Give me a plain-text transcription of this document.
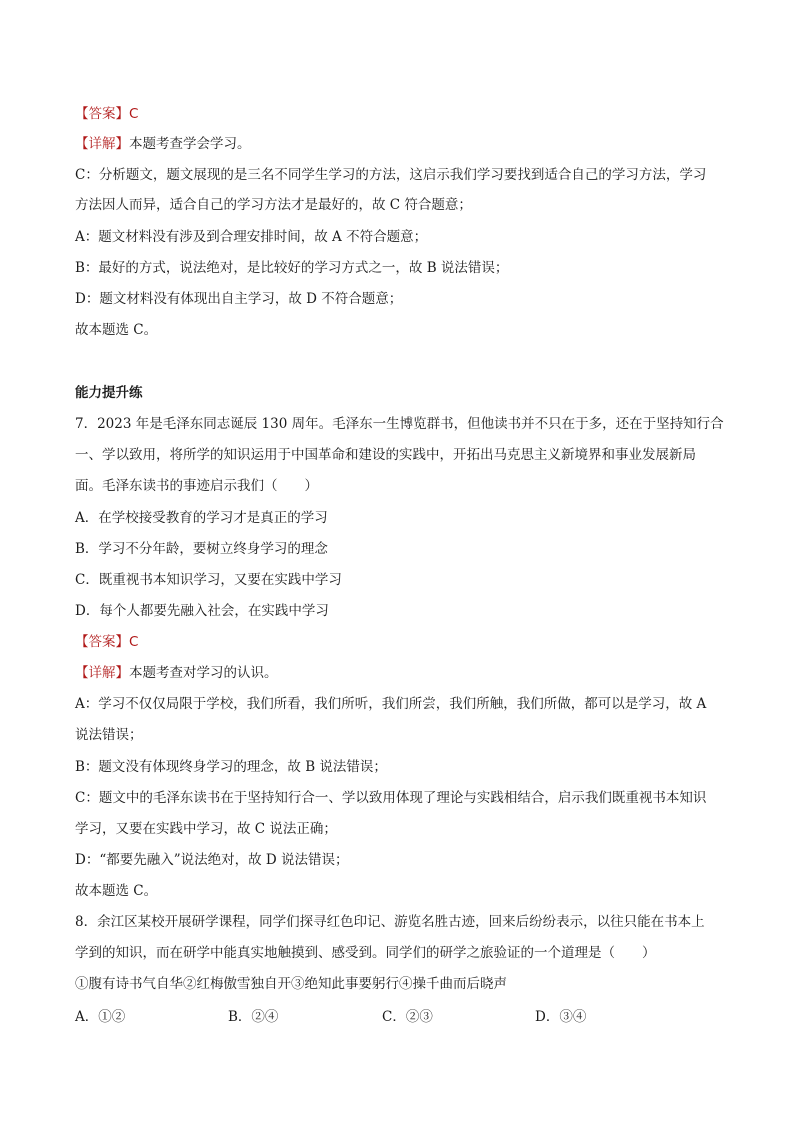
【答案】C
【详解】本题考查学会学习。
C：分析题文，题文展现的是三名不同学生学习的方法，这启示我们学习要找到适合自己的学习方法，学习
方法因人而异，适合自己的学习方法才是最好的，故 C 符合题意；
A：题文材料没有涉及到合理安排时间，故 A 不符合题意；
B：最好的方式，说法绝对，是比较好的学习方式之一，故 B 说法错误；
D：题文材料没有体现出自主学习，故 D 不符合题意；
故本题选 C。
能力提升练
7．2023 年是毛泽东同志诞辰 130 周年。毛泽东一生博览群书，但他读书并不只在于多，还在于坚持知行合
一、学以致用，将所学的知识运用于中国革命和建设的实践中，开拓出马克思主义新境界和事业发展新局
面。毛泽东读书的事迹启示我们（　　）
A．在学校接受教育的学习才是真正的学习
B．学习不分年龄，要树立终身学习的理念
C．既重视书本知识学习，又要在实践中学习
D．每个人都要先融入社会，在实践中学习
【答案】C
【详解】本题考查对学习的认识。
A：学习不仅仅局限于学校，我们所看，我们所听，我们所尝，我们所触，我们所做，都可以是学习，故 A
说法错误；
B：题文没有体现终身学习的理念，故 B 说法错误；
C：题文中的毛泽东读书在于坚持知行合一、学以致用体现了理论与实践相结合，启示我们既重视书本知识
学习，又要在实践中学习，故 C 说法正确；
D：“都要先融入”说法绝对，故 D 说法错误；
故本题选 C。
8．余江区某校开展研学课程，同学们探寻红色印记、游览名胜古迹，回来后纷纷表示，以往只能在书本上
学到的知识，而在研学中能真实地触摸到、感受到。同学们的研学之旅验证的一个道理是（　　）
①腹有诗书气自华②红梅傲雪独自开③绝知此事要躬行④操千曲而后晓声
A．①②	B．②④	C．②③	D．③④
